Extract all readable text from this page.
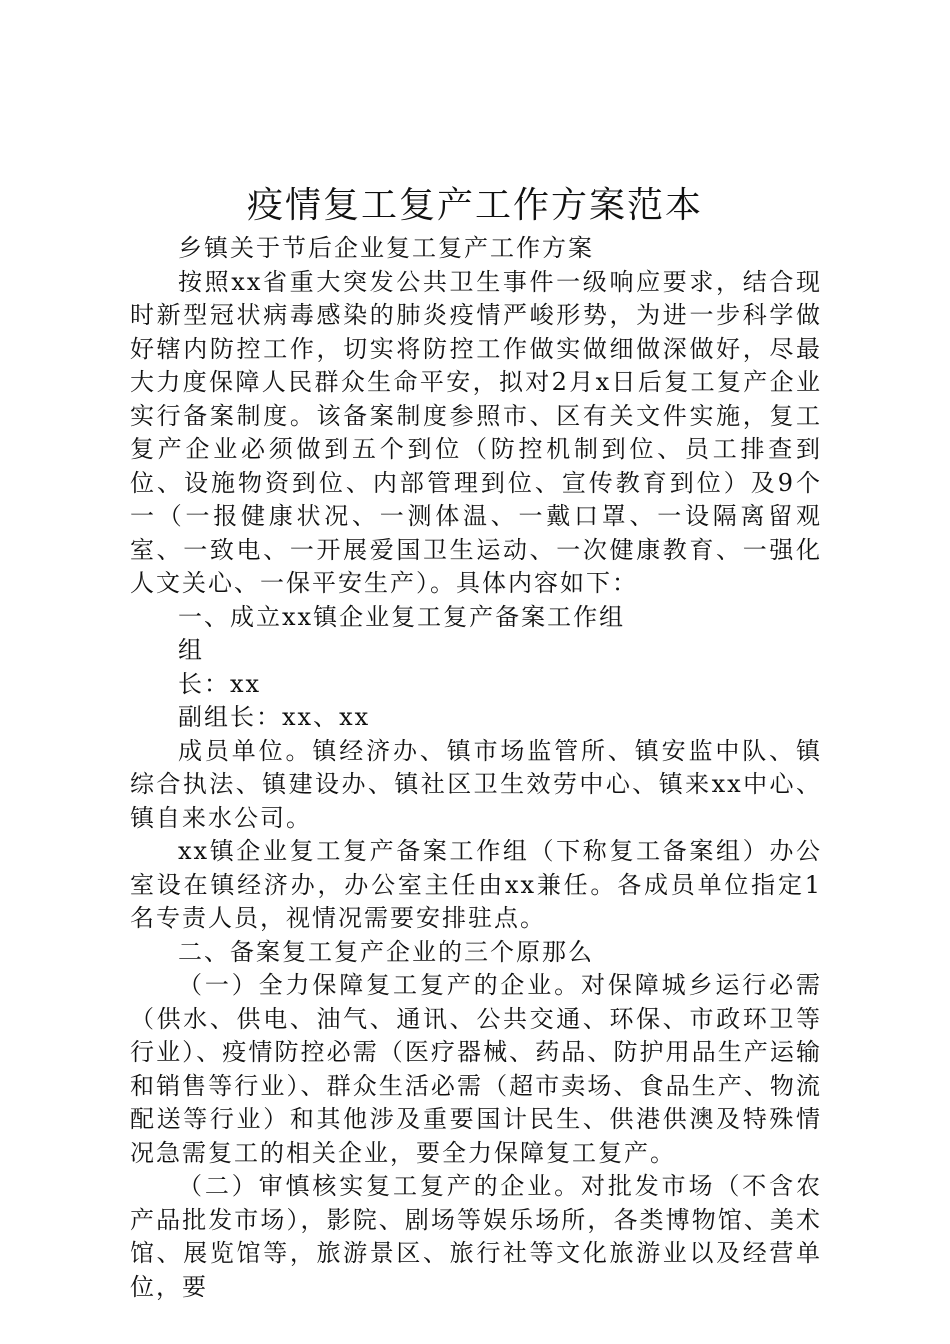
疫情复工复产工作方案范本

乡镇关于节后企业复工复产工作方案

按照xx省重大突发公共卫生事件一级响应要求，结合现时新型冠状病毒感染的肺炎疫情严峻形势，为进一步科学做好辖内防控工作，切实将防控工作做实做细做深做好，尽最大力度保障人民群众生命平安，拟对2月x日后复工复产企业实行备案制度。该备案制度参照市、区有关文件实施，复工复产企业必须做到五个到位（防控机制到位、员工排查到位、设施物资到位、内部管理到位、宣传教育到位）及9个一（一报健康状况、一测体温、一戴口罩、一设隔离留观室、一致电、一开展爱国卫生运动、一次健康教育、一强化人文关心、一保平安生产）。具体内容如下：

一、成立xx镇企业复工复产备案工作组

组

长：xx

副组长：xx、xx

成员单位。镇经济办、镇市场监管所、镇安监中队、镇综合执法、镇建设办、镇社区卫生效劳中心、镇来xx中心、镇自来水公司。

xx镇企业复工复产备案工作组（下称复工备案组）办公室设在镇经济办，办公室主任由xx兼任。各成员单位指定1名专责人员，视情况需要安排驻点。

二、备案复工复产企业的三个原那么

（一）全力保障复工复产的企业。对保障城乡运行必需（供水、供电、油气、通讯、公共交通、环保、市政环卫等行业）、疫情防控必需（医疗器械、药品、防护用品生产运输和销售等行业）、群众生活必需（超市卖场、食品生产、物流配送等行业）和其他涉及重要国计民生、供港供澳及特殊情况急需复工的相关企业，要全力保障复工复产。

（二）审慎核实复工复产的企业。对批发市场（不含农产品批发市场），影院、剧场等娱乐场所，各类博物馆、美术馆、展览馆等，旅游景区、旅行社等文化旅游业以及经营单位，要
